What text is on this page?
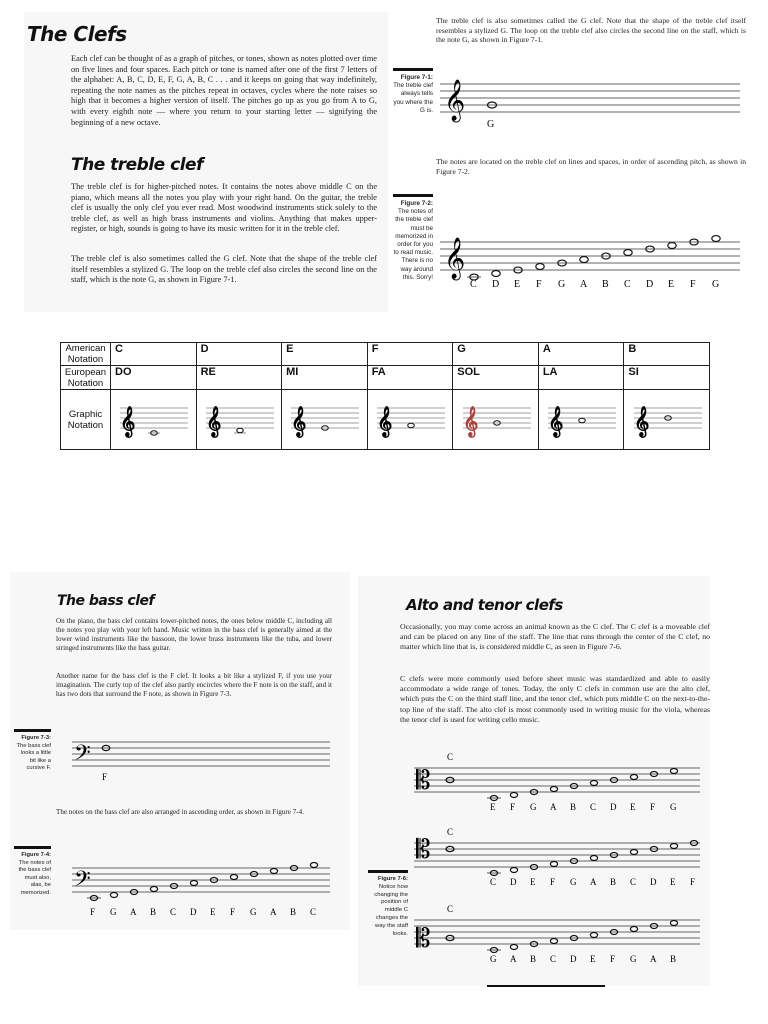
The Clefs
Each clef can be thought of as a graph of pitches, or tones, shown as notes plotted over time on five lines and four spaces. Each pitch or tone is named after one of the first 7 letters of the alphabet: A, B, C, D, E, F, G, A, B, C . . . and it keeps on going that way indefinitely, repeating the note names as the pitches repeat in octaves, cycles where the note raises so high that it becomes a higher version of itself. The pitches go up as you go from A to G, with every eighth note — where you return to your starting letter — signifying the beginning of a new octave.
The treble clef
The treble clef is for higher-pitched notes. It contains the notes above middle C on the piano, which means all the notes you play with your right hand. On the guitar, the treble clef is usually the only clef you ever read. Most woodwind instruments stick solely to the treble clef, as well as high brass instruments and violins. Anything that makes upper-register, or high, sounds is going to have its music written for it in the treble clef.
The treble clef is also sometimes called the G clef. Note that the shape of the treble clef itself resembles a stylized G. The loop on the treble clef also circles the second line on the staff, which is the note G, as shown in Figure 7-1.
The treble clef is also sometimes called the G clef. Note that the shape of the treble clef itself resembles a stylized G. The loop on the treble clef also circles the second line on the staff, which is the note G, as shown in Figure 7-1.
Figure 7-1:
The treble clef always tells you where the G is. 𝄞
G
The notes are located on the treble clef on lines and spaces, in order of ascending pitch, as shown in Figure 7-2.
Figure 7-2:
The notes of the treble clef must be memorized in order for you to read music. There is no way around this. Sorry! 𝄞
C D E F G A B C D E F G
American
Notation	C	D	E	F	G	A	B

European
Notation	DO	RE	MI	FA	SOL	LA	SI

Graphic
Notation	𝄞	𝄞	𝄞	𝄞	𝄞	𝄞	𝄞
The bass clef
On the piano, the bass clef contains lower-pitched notes, the ones below middle C, including all the notes you play with your left hand. Music written in the bass clef is generally aimed at the lower wind instruments like the bassoon, the lower brass instruments like the tuba, and lower stringed instruments like the bass guitar.
Another name for the bass clef is the F clef. It looks a bit like a stylized F, if you use your imagination. The curly top of the clef also partly encircles where the F note is on the staff, and it has two dots that surround the F note, as shown in Figure 7-3.
Figure 7-3:
The bass clef looks a little bit like a cursive F. 𝄢
F
The notes on the bass clef are also arranged in ascending order, as shown in Figure 7-4.
Figure 7-4:
The notes of the bass clef must also, alas, be memorized. 𝄢
F G A B C D E F G A B C
Alto and tenor clefs
Occasionally, you may come across an animal known as the C clef. The C clef is a moveable clef and can be placed on any line of the staff. The line that runs through the center of the C clef, no matter which line that is, is considered middle C, as seen in Figure 7-6.
C clefs were more commonly used before sheet music was standardized and able to easily accommodate a wide range of tones. Today, the only C clefs in common use are the alto clef, which puts the C on the third staff line, and the tenor clef, which puts middle C on the next-to-the-top line of the staff. The alto clef is most commonly used in writing music for the viola, whereas the tenor clef is used for writing cello music.
Figure 7-6:
Notice how changing the position of middle C changes the way the staff looks.
𝄡
C
E F G A B C D E F G
𝄡
C
C D E F G A B C D E F
𝄡
C
G A B C D E F G A B
